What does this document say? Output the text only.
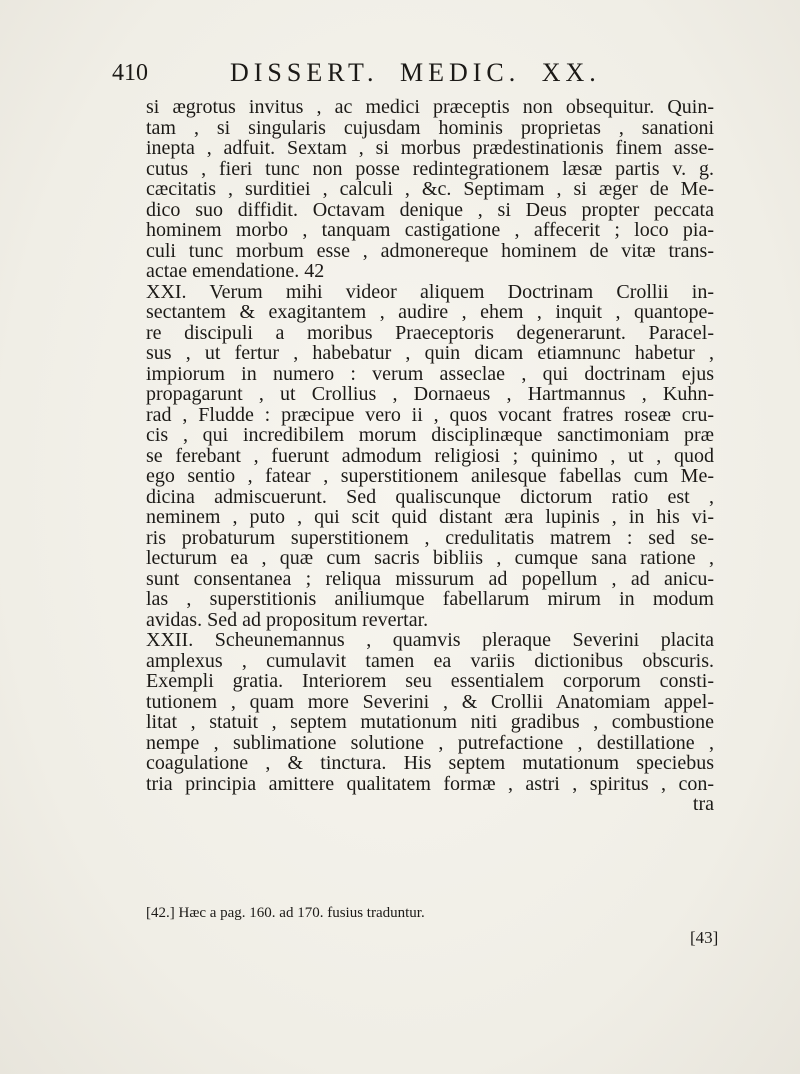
410	DISSERT. MEDIC. XX.
si ægrotus invitus , ac medici præceptis non obsequitur. Quin-
tam , si singularis cujusdam hominis proprietas , sanationi
inepta , adfuit. Sextam , si morbus prædestinationis finem asse-
cutus , fieri tunc non posse redintegrationem læsæ partis v. g.
cæcitatis , surditiei , calculi , &c. Septimam , si æger de Me-
dico suo diffidit. Octavam denique , si Deus propter peccata
hominem morbo , tanquam castigatione , affecerit ; loco pia-
culi tunc morbum esse , admonereque hominem de vitæ trans-
actae emendatione. 42
XXI. Verum mihi videor aliquem Doctrinam Crollii in-
sectantem & exagitantem , audire , ehem , inquit , quantope-
re discipuli a moribus Praeceptoris degenerarunt. Paracel-
sus , ut fertur , habebatur , quin dicam etiamnunc habetur ,
impiorum in numero : verum asseclae , qui doctrinam ejus
propagarunt , ut Crollius , Dornaeus , Hartmannus , Kuhn-
rad , Fludde : præcipue vero ii , quos vocant fratres roseæ cru-
cis , qui incredibilem morum disciplinæque sanctimoniam præ
se ferebant , fuerunt admodum religiosi ; quinimo , ut , quod
ego sentio , fatear , superstitionem anilesque fabellas cum Me-
dicina admiscuerunt. Sed qualiscunque dictorum ratio est ,
neminem , puto , qui scit quid distant æra lupinis , in his vi-
ris probaturum superstitionem , credulitatis matrem : sed se-
lecturum ea , quæ cum sacris bibliis , cumque sana ratione ,
sunt consentanea ; reliqua missurum ad popellum , ad anicu-
las , superstitionis aniliumque fabellarum mirum in modum
avidas. Sed ad propositum revertar.
XXII. Scheunemannus , quamvis pleraque Severini placita
amplexus , cumulavit tamen ea variis dictionibus obscuris.
Exempli gratia. Interiorem seu essentialem corporum consti-
tutionem , quam more Severini , & Crollii Anatomiam appel-
litat , statuit , septem mutationum niti gradibus , combustione
nempe , sublimatione solutione , putrefactione , destillatione ,
coagulatione , & tinctura. His septem mutationum speciebus
tria principia amittere qualitatem formæ , astri , spiritus , con-
tra
[42.] Hæc a pag. 160. ad 170. fusius traduntur.
[43]
